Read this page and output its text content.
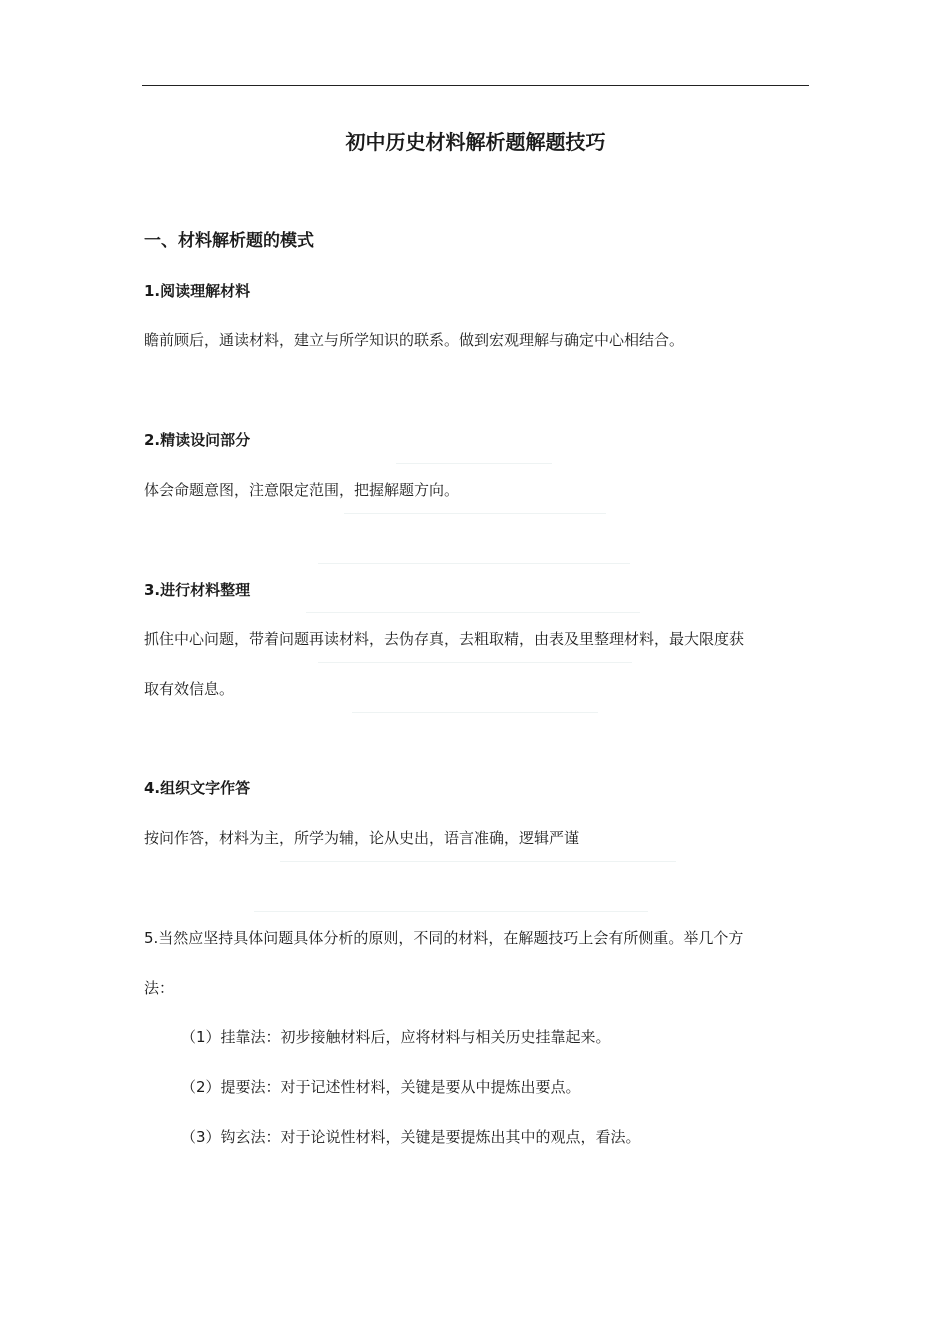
初中历史材料解析题解题技巧
一、材料解析题的模式
1.阅读理解材料
瞻前顾后，通读材料，建立与所学知识的联系。做到宏观理解与确定中心相结合。
2.精读设问部分
体会命题意图，注意限定范围，把握解题方向。
3.进行材料整理
抓住中心问题，带着问题再读材料，去伪存真，去粗取精，由表及里整理材料，最大限度获
取有效信息。
4.组织文字作答
按问作答，材料为主，所学为辅，论从史出，语言准确，逻辑严谨
5.当然应坚持具体问题具体分析的原则，不同的材料，在解题技巧上会有所侧重。举几个方
法：
（1）挂靠法：初步接触材料后，应将材料与相关历史挂靠起来。
（2）提要法：对于记述性材料，关键是要从中提炼出要点。
（3）钩玄法：对于论说性材料，关键是要提炼出其中的观点，看法。
